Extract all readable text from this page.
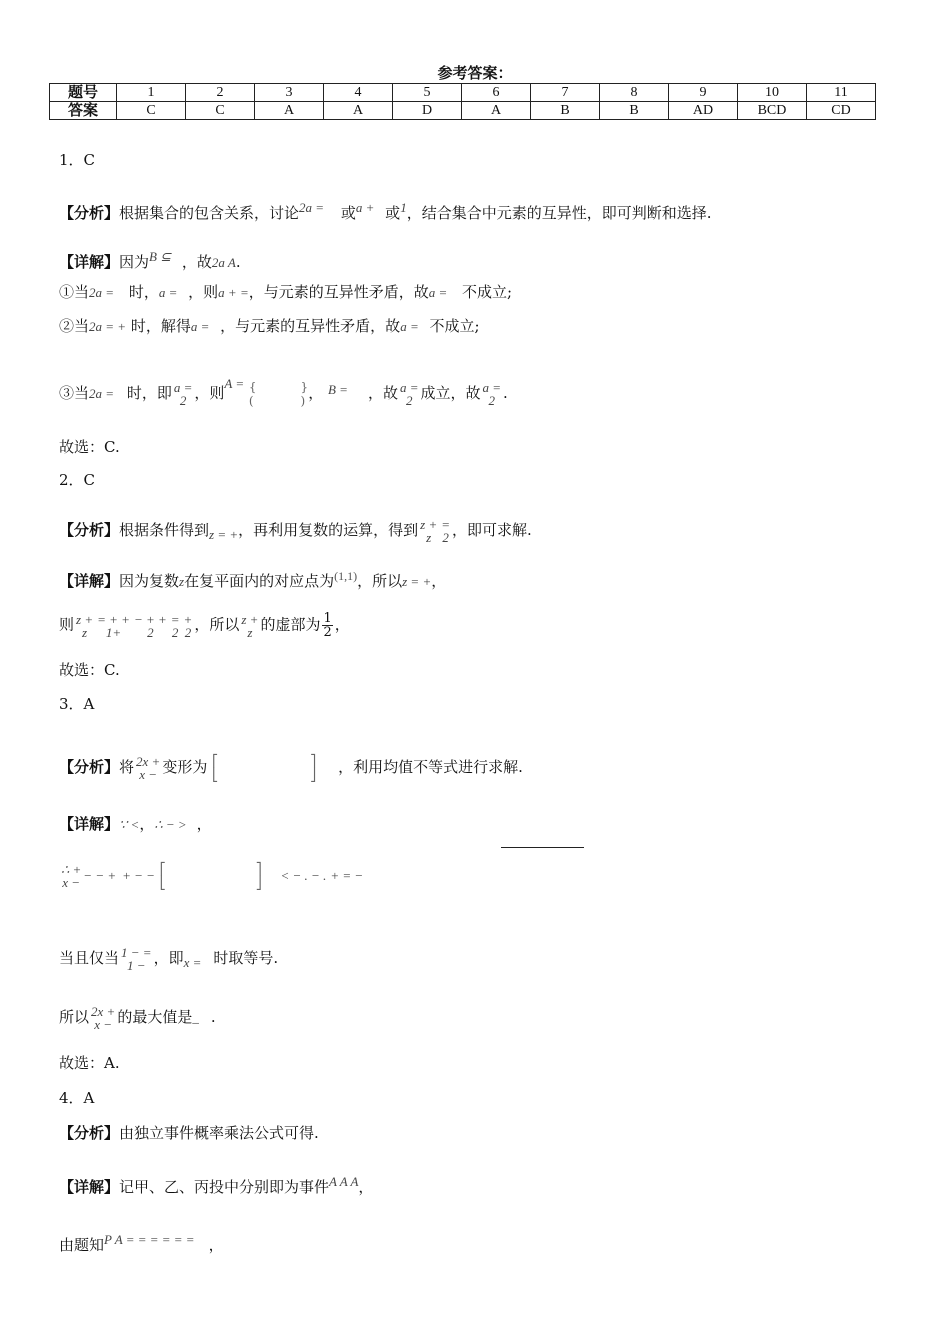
参考答案：
题号	1	2	3	4	5	6	7	8	9	10	11
答案	C	C	A	A	D	A	B	B	AD	BCD	CD
1．C
【分析】根据集合的包含关系，讨论$^{2a =}$ 或$^{a +}$ 或$^1$，结合集合中元素的互异性，即可判断和选择.
【详解】因为$^{B ⊆}$ ，故2a A.
①当2a = 时，a = ，则a + =，与元素的互异性矛盾，故a = 不成立;
②当2a = + 时，解得a = ，与元素的互异性矛盾，故a = 不成立;
③当2a = 时，即 a =
2 ，则A = {
(}
) ， B = ，故 a =
2 成立，故 a =
2 .
故选：C.
2．C
【分析】根据条件得到$_{z = +}$，再利用复数的运算，得到 z +
z
=
2 ，即可求解.
【详解】因为复数z在复平面内的对应点为$^{(1,1)}$，所以z = +，
则 z +
z
= + +
1+
− + +
2
=
2
+
2 ，所以 z +
z 的虚部为 $\frac{1}{2}$ ，
故选：C.
3．A
【分析】将 2x +
x − 变形为 ⎡
⎣⎤
⎦ ，利用均值不等式进行求解.
【详解】∵ <，∴ − > ，
∴ +
x − − − + + − − ⎡
⎣⎤
⎦ < − . − . + = −
当且仅当 1 − =
1 − ，即$_{x =}$ 时取等号.
所以 2x +
x − 的最大值是_ .
故选：A.
4．A
【分析】由独立事件概率乘法公式可得.
【详解】记甲、乙、丙投中分别即为事件$^{A A A}$，
由题知$^{P A = = = = = =}$ ，
